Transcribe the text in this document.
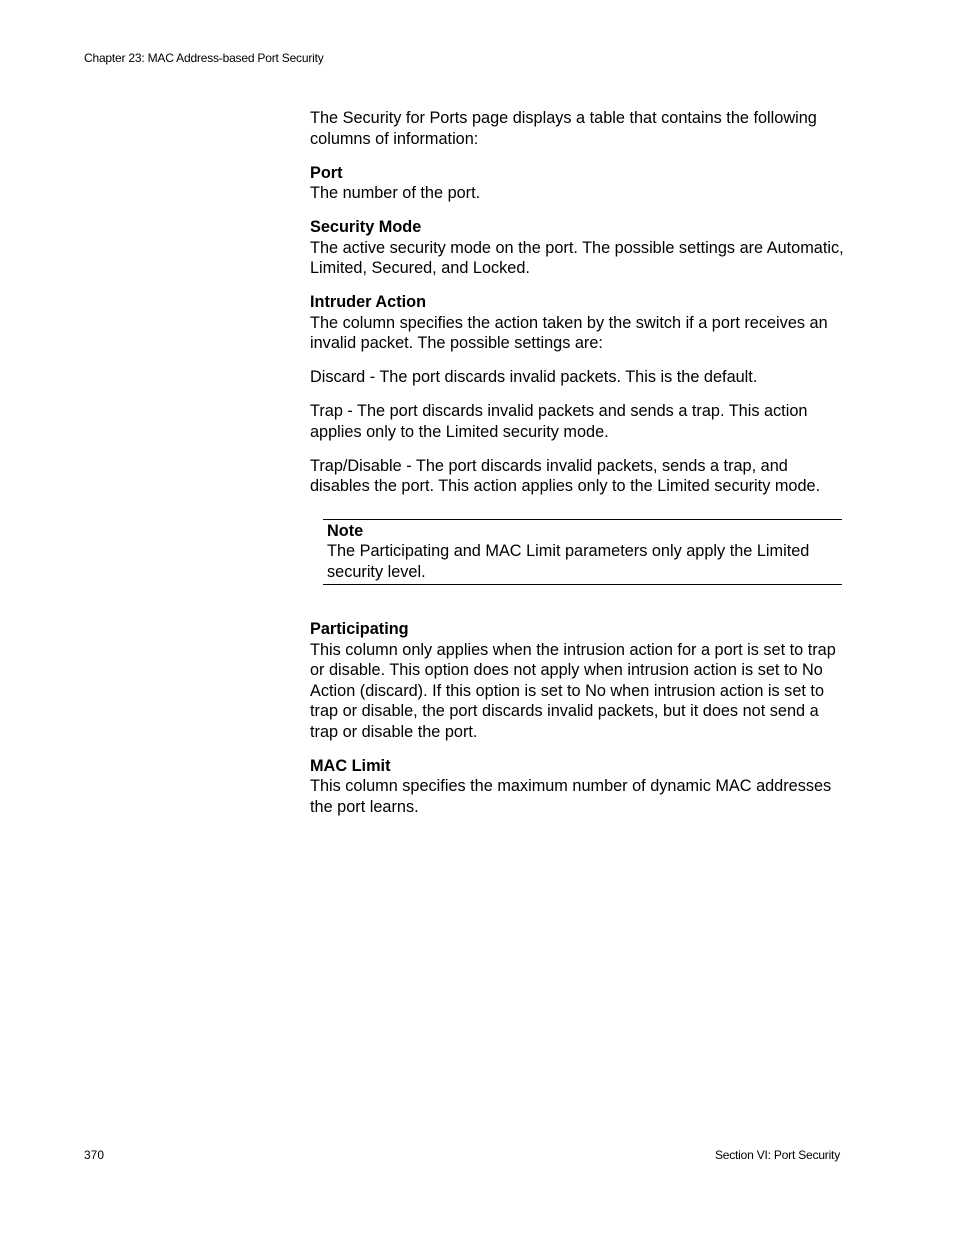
Chapter 23: MAC Address-based Port Security

The Security for Ports page displays a table that contains the following columns of information:

Port

The number of the port.

Security Mode

The active security mode on the port. The possible settings are Automatic, Limited, Secured, and Locked.

Intruder Action

The column specifies the action taken by the switch if a port receives an invalid packet. The possible settings are:

Discard - The port discards invalid packets. This is the default.

Trap - The port discards invalid packets and sends a trap. This action applies only to the Limited security mode.

Trap/Disable - The port discards invalid packets, sends a trap, and disables the port. This action applies only to the Limited security mode.

Note

The Participating and MAC Limit parameters only apply the Limited security level.

Participating

This column only applies when the intrusion action for a port is set to trap or disable. This option does not apply when intrusion action is set to No Action (discard). If this option is set to No when intrusion action is set to trap or disable, the port discards invalid packets, but it does not send a trap or disable the port.

MAC Limit

This column specifies the maximum number of dynamic MAC addresses the port learns.

370	Section VI: Port Security
